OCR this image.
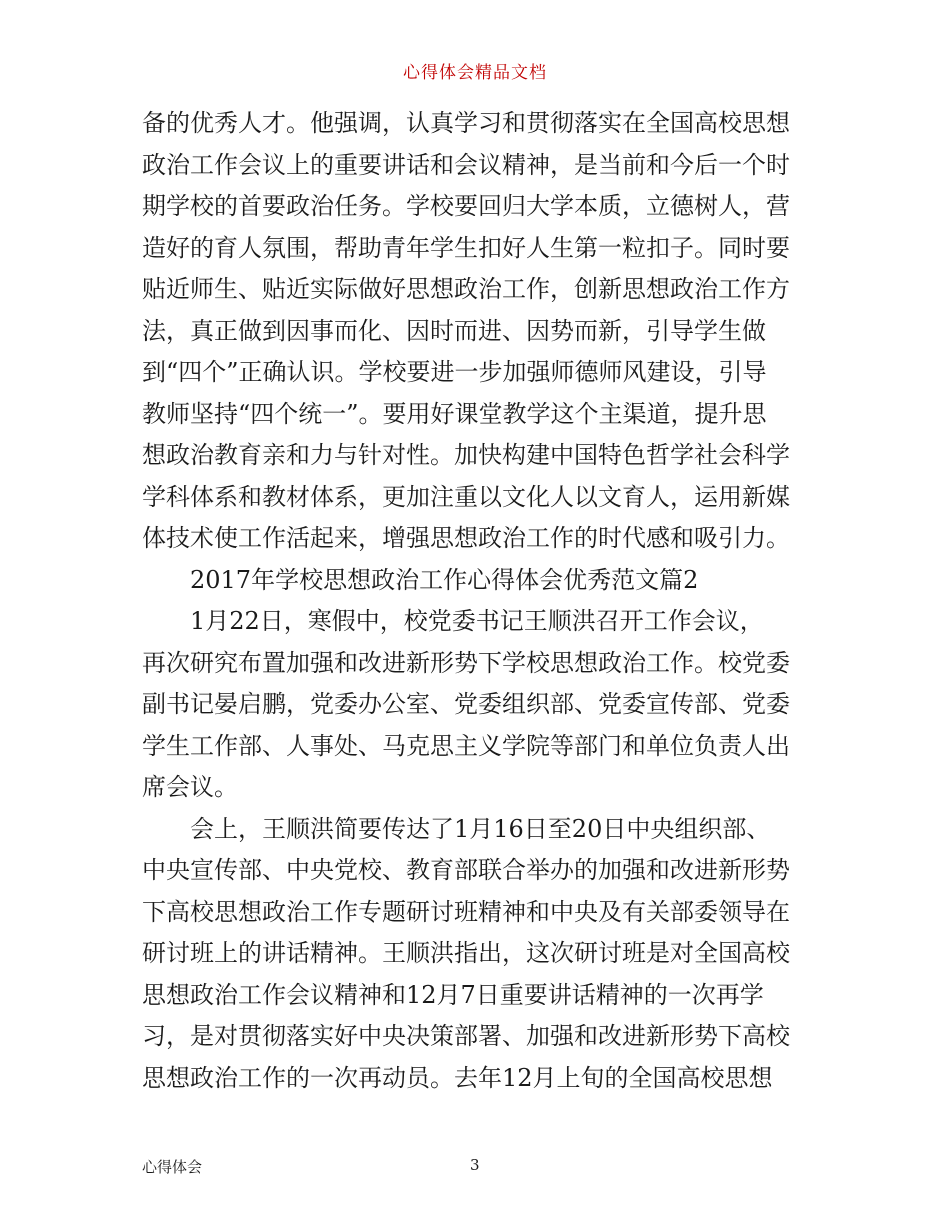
心得体会精品文档
备的优秀人才。他强调，认真学习和贯彻落实在全国高校思想
政治工作会议上的重要讲话和会议精神，是当前和今后一个时
期学校的首要政治任务。学校要回归大学本质，立德树人，营
造好的育人氛围，帮助青年学生扣好人生第一粒扣子。同时要
贴近师生、贴近实际做好思想政治工作，创新思想政治工作方
法，真正做到因事而化、因时而进、因势而新，引导学生做
到“四个”正确认识。学校要进一步加强师德师风建设，引导
教师坚持“四个统一”。要用好课堂教学这个主渠道，提升思
想政治教育亲和力与针对性。加快构建中国特色哲学社会科学
学科体系和教材体系，更加注重以文化人以文育人，运用新媒
体技术使工作活起来，增强思想政治工作的时代感和吸引力。
　　2017年学校思想政治工作心得体会优秀范文篇2
　　1月22日，寒假中，校党委书记王顺洪召开工作会议，
再次研究布置加强和改进新形势下学校思想政治工作。校党委
副书记晏启鹏，党委办公室、党委组织部、党委宣传部、党委
学生工作部、人事处、马克思主义学院等部门和单位负责人出
席会议。
　　会上，王顺洪简要传达了1月16日至20日中央组织部、
中央宣传部、中央党校、教育部联合举办的加强和改进新形势
下高校思想政治工作专题研讨班精神和中央及有关部委领导在
研讨班上的讲话精神。王顺洪指出，这次研讨班是对全国高校
思想政治工作会议精神和12月7日重要讲话精神的一次再学
习，是对贯彻落实好中央决策部署、加强和改进新形势下高校
思想政治工作的一次再动员。去年12月上旬的全国高校思想
心得体会	3
